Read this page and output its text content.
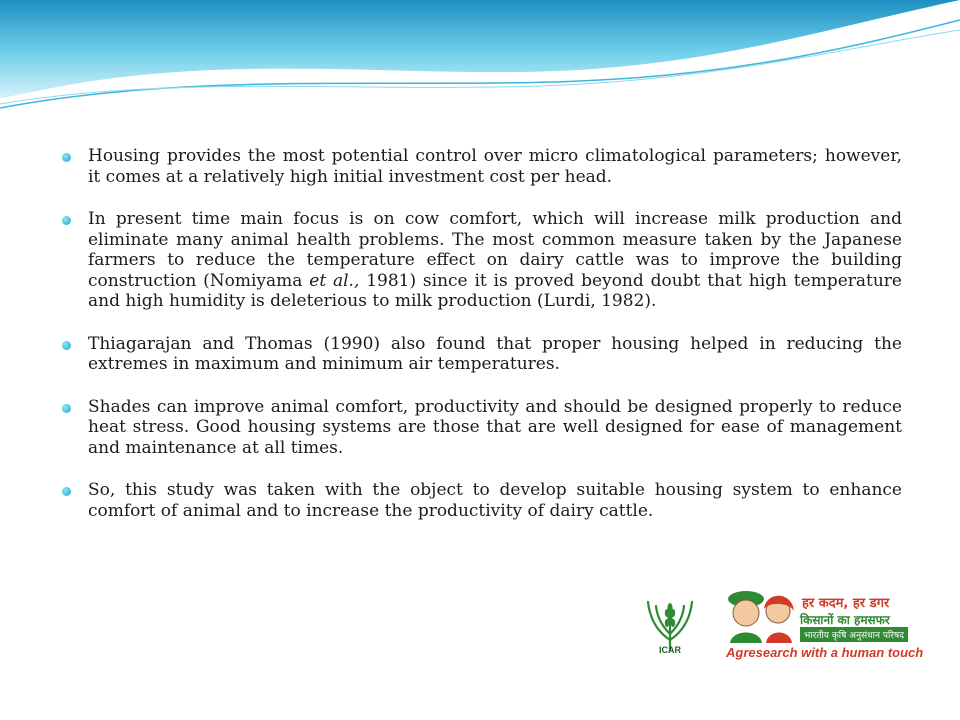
Housing provides the most potential control over micro climatological parameters; however, it comes at a relatively high initial investment cost per head.
In present time main focus is on cow comfort, which will increase milk production and eliminate many animal health problems. The most common measure taken by the Japanese farmers to reduce the temperature effect on dairy cattle was to improve the building construction (Nomiyama et al., 1981) since it is proved beyond doubt that high temperature and high humidity is deleterious to milk production (Lurdi, 1982).
Thiagarajan and Thomas (1990) also found that proper housing helped in reducing the extremes in maximum and minimum air temperatures.
Shades can improve animal comfort, productivity and should be designed properly to reduce heat stress. Good housing systems are those that are well designed for ease of management and maintenance at all times.
So, this study was taken with the object to develop suitable housing system to enhance comfort of animal and to increase the productivity of dairy cattle.
ICAR
हर कदम, हर डगर
किसानों का हमसफर
भारतीय कृषि अनुसंधान परिषद
Agresearch with a human touch
